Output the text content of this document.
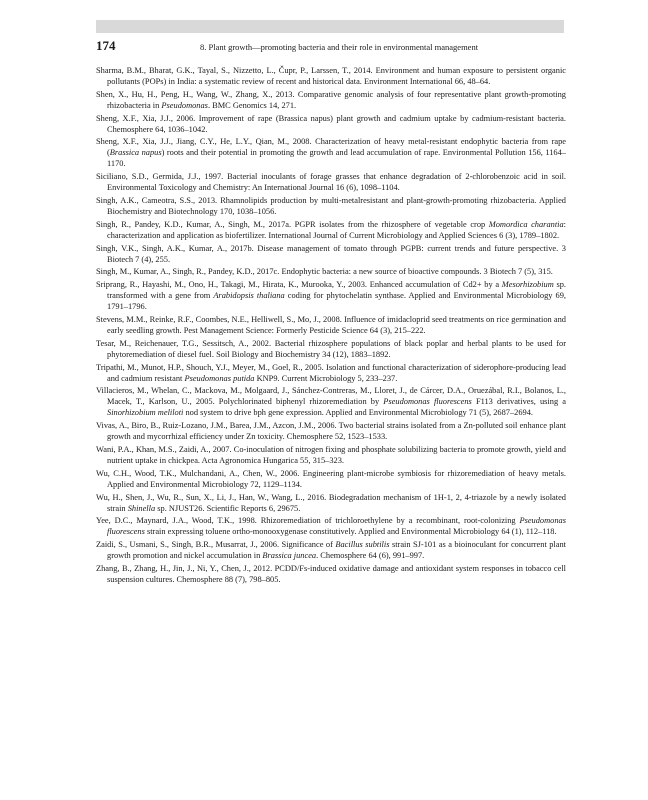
174	8. Plant growth—promoting bacteria and their role in environmental management

Sharma, B.M., Bharat, G.K., Tayal, S., Nizzetto, L., Čupr, P., Larssen, T., 2014. Environment and human exposure to persistent organic pollutants (POPs) in India: a systematic review of recent and historical data. Environment International 66, 48–64.

Shen, X., Hu, H., Peng, H., Wang, W., Zhang, X., 2013. Comparative genomic analysis of four representative plant growth-promoting rhizobacteria in Pseudomonas. BMC Genomics 14, 271.

Sheng, X.F., Xia, J.J., 2006. Improvement of rape (Brassica napus) plant growth and cadmium uptake by cadmium-resistant bacteria. Chemosphere 64, 1036–1042.

Sheng, X.F., Xia, J.J., Jiang, C.Y., He, L.Y., Qian, M., 2008. Characterization of heavy metal-resistant endophytic bacteria from rape (Brassica napus) roots and their potential in promoting the growth and lead accumulation of rape. Environmental Pollution 156, 1164–1170.

Siciliano, S.D., Germida, J.J., 1997. Bacterial inoculants of forage grasses that enhance degradation of 2-chlorobenzoic acid in soil. Environmental Toxicology and Chemistry: An International Journal 16 (6), 1098–1104.

Singh, A.K., Cameotra, S.S., 2013. Rhamnolipids production by multi-metalresistant and plant-growth-promoting rhizobacteria. Applied Biochemistry and Biotechnology 170, 1038–1056.

Singh, R., Pandey, K.D., Kumar, A., Singh, M., 2017a. PGPR isolates from the rhizosphere of vegetable crop Momordica charantia: characterization and application as biofertilizer. International Journal of Current Microbiology and Applied Sciences 6 (3), 1789–1802.

Singh, V.K., Singh, A.K., Kumar, A., 2017b. Disease management of tomato through PGPB: current trends and future perspective. 3 Biotech 7 (4), 255.

Singh, M., Kumar, A., Singh, R., Pandey, K.D., 2017c. Endophytic bacteria: a new source of bioactive compounds. 3 Biotech 7 (5), 315.

Sriprang, R., Hayashi, M., Ono, H., Takagi, M., Hirata, K., Murooka, Y., 2003. Enhanced accumulation of Cd2+ by a Mesorhizobium sp. transformed with a gene from Arabidopsis thaliana coding for phytochelatin synthase. Applied and Environmental Microbiology 69, 1791–1796.

Stevens, M.M., Reinke, R.F., Coombes, N.E., Helliwell, S., Mo, J., 2008. Influence of imidacloprid seed treatments on rice germination and early seedling growth. Pest Management Science: Formerly Pesticide Science 64 (3), 215–222.

Tesar, M., Reichenauer, T.G., Sessitsch, A., 2002. Bacterial rhizosphere populations of black poplar and herbal plants to be used for phytoremediation of diesel fuel. Soil Biology and Biochemistry 34 (12), 1883–1892.

Tripathi, M., Munot, H.P., Shouch, Y.J., Meyer, M., Goel, R., 2005. Isolation and functional characterization of siderophore-producing lead and cadmium resistant Pseudomonas putida KNP9. Current Microbiology 5, 233–237.

Villacieros, M., Whelan, C., Mackova, M., Molgaard, J., Sánchez-Contreras, M., Lloret, J., de Cárcer, D.A., Oruezábal, R.I., Bolanos, L., Macek, T., Karlson, U., 2005. Polychlorinated biphenyl rhizoremediation by Pseudomonas fluorescens F113 derivatives, using a Sinorhizobium meliloti nod system to drive bph gene expression. Applied and Environmental Microbiology 71 (5), 2687–2694.

Vivas, A., Biro, B., Ruiz-Lozano, J.M., Barea, J.M., Azcon, J.M., 2006. Two bacterial strains isolated from a Zn-polluted soil enhance plant growth and mycorrhizal efficiency under Zn toxicity. Chemosphere 52, 1523–1533.

Wani, P.A., Khan, M.S., Zaidi, A., 2007. Co-inoculation of nitrogen fixing and phosphate solubilizing bacteria to promote growth, yield and nutrient uptake in chickpea. Acta Agronomica Hungarica 55, 315–323.

Wu, C.H., Wood, T.K., Mulchandani, A., Chen, W., 2006. Engineering plant-microbe symbiosis for rhizoremediation of heavy metals. Applied and Environmental Microbiology 72, 1129–1134.

Wu, H., Shen, J., Wu, R., Sun, X., Li, J., Han, W., Wang, L., 2016. Biodegradation mechanism of 1H-1, 2, 4-triazole by a newly isolated strain Shinella sp. NJUST26. Scientific Reports 6, 29675.

Yee, D.C., Maynard, J.A., Wood, T.K., 1998. Rhizoremediation of trichloroethylene by a recombinant, root-colonizing Pseudomonas fluorescens strain expressing toluene ortho-monooxygenase constitutively. Applied and Environmental Microbiology 64 (1), 112–118.

Zaidi, S., Usmani, S., Singh, B.R., Musarrat, J., 2006. Significance of Bacillus subtilis strain SJ-101 as a bioinoculant for concurrent plant growth promotion and nickel accumulation in Brassica juncea. Chemosphere 64 (6), 991–997.

Zhang, B., Zhang, H., Jin, J., Ni, Y., Chen, J., 2012. PCDD/Fs-induced oxidative damage and antioxidant system responses in tobacco cell suspension cultures. Chemosphere 88 (7), 798–805.
